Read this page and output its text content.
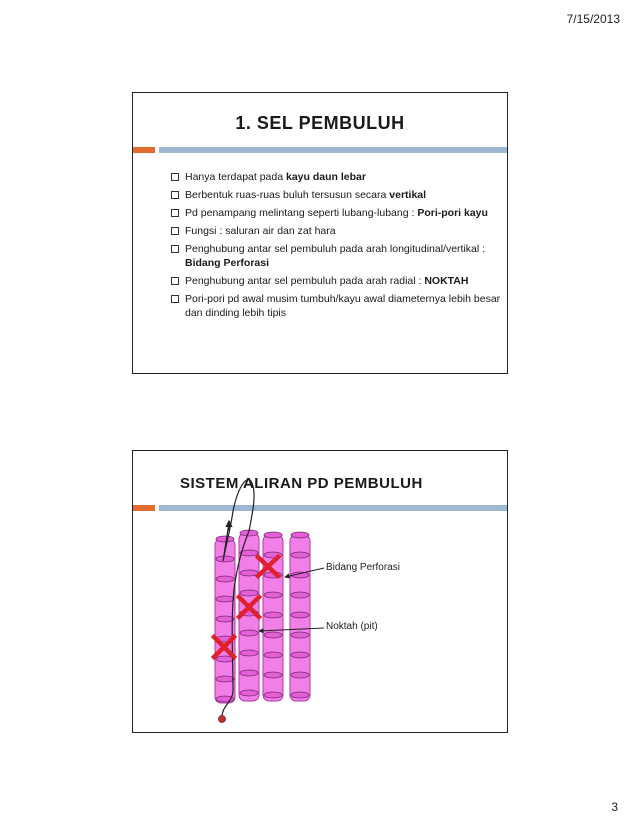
7/15/2013
1. SEL PEMBULUH
Hanya terdapat pada kayu daun lebar
Berbentuk ruas-ruas buluh tersusun secara vertikal
Pd penampang melintang seperti lubang-lubang : Pori-pori kayu
Fungsi : saluran air dan zat hara
Penghubung antar sel pembuluh pada arah longitudinal/vertikal : Bidang Perforasi
Penghubung antar sel pembuluh pada arah radial : NOKTAH
Pori-pori pd awal musim tumbuh/kayu awal diameternya lebih besar dan dinding lebih tipis
SISTEM ALIRAN PD PEMBULUH
Bidang Perforasi
Noktah (pit)
3
